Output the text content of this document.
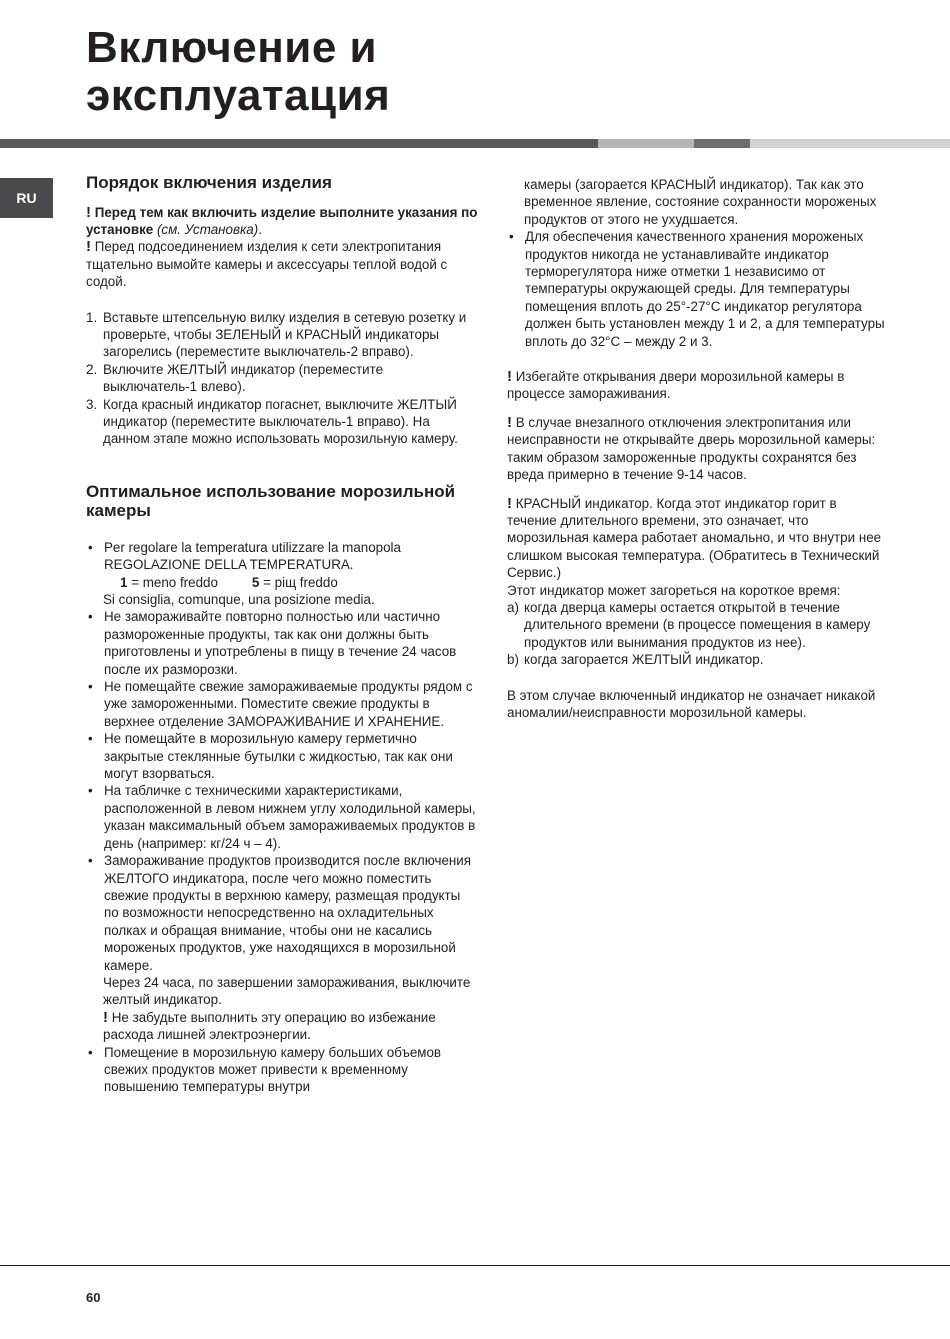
Включение и
эксплуатация
RU
Порядок включения изделия

! Перед тем как включить изделие выполните указания по установке (см. Установка).

! Перед подсоединением изделия к сети электропитания тщательно вымойте камеры и аксессуары теплой водой с содой.

1. Вставьте штепсельную вилку изделия в сетевую розетку и проверьте, чтобы ЗЕЛЕНЫЙ и КРАСНЫЙ индикаторы загорелись (переместите выключатель-2 вправо).
2. Включите ЖЕЛТЫЙ индикатор (переместите выключатель-1 влево).
3. Когда красный индикатор погаснет, выключите ЖЕЛТЫЙ индикатор (переместите выключатель-1 вправо). На данном этапе можно использовать морозильную камеру.
Оптимальное использование морозильной камеры
• Per regolare la temperatura utilizzare la manopola REGOLAZIONE DELLA TEMPERATURA.
1 = meno freddo	5 = piщ freddo
Si consiglia, comunque, una posizione media.
• Не замораживайте повторно полностью или частично размороженные продукты, так как они должны быть приготовлены и употреблены в пищу в течение 24 часов после их разморозки.
• Не помещайте свежие замораживаемые продукты рядом с уже замороженными. Поместите свежие продукты в верхнее отделение ЗАМОРАЖИВАНИЕ И ХРАНЕНИЕ.
• Не помещайте в морозильную камеру герметично закрытые стеклянные бутылки с жидкостью, так как они могут взорваться.
• На табличке с техническими характеристиками, расположенной в левом нижнем углу холодильной камеры, указан максимальный объем замораживаемых продуктов в день (например: кг/24 ч – 4).
• Замораживание продуктов производится после включения ЖЕЛТОГО индикатора, после чего можно поместить свежие продукты в верхнюю камеру, размещая продукты по возможности непосредственно на охладительных полках и обращая внимание, чтобы они не касались мороженых продуктов, уже находящихся в морозильной камере.
Через 24 часа, по завершении замораживания, выключите желтый индикатор.
! Не забудьте выполнить эту операцию во избежание расхода лишней электроэнергии.
• Помещение в морозильную камеру больших объемов свежих продуктов может привести к временному повышению температуры внутри
камеры (загорается КРАСНЫЙ индикатор). Так как это временное явление, состояние сохранности мороженых продуктов от этого не ухудшается.
• Для обеспечения качественного хранения мороженых продуктов никогда не устанавливайте индикатор терморегулятора ниже отметки 1 независимо от температуры окружающей среды. Для температуры помещения вплоть до 25°-27°C индикатор регулятора должен быть установлен между 1 и 2, а для температуры вплоть до 32°C – между 2 и 3.

! Избегайте открывания двери морозильной камеры в процессе замораживания.

! В случае внезапного отключения электропитания или неисправности не открывайте дверь морозильной камеры: таким образом замороженные продукты сохранятся без вреда примерно в течение 9-14 часов.

! КРАСНЫЙ индикатор. Когда этот индикатор горит в течение длительного времени, это означает, что морозильная камера работает аномально, и что внутри нее слишком высокая температура. (Обратитесь в Технический Сервис.)

Этот индикатор может загореться на короткое время:

a) когда дверца камеры остается открытой в течение длительного времени (в процессе помещения в камеру продуктов или вынимания продуктов из нее).
b) когда загорается ЖЕЛТЫЙ индикатор.

В этом случае включенный индикатор не означает никакой аномалии/неисправности морозильной камеры.

60
